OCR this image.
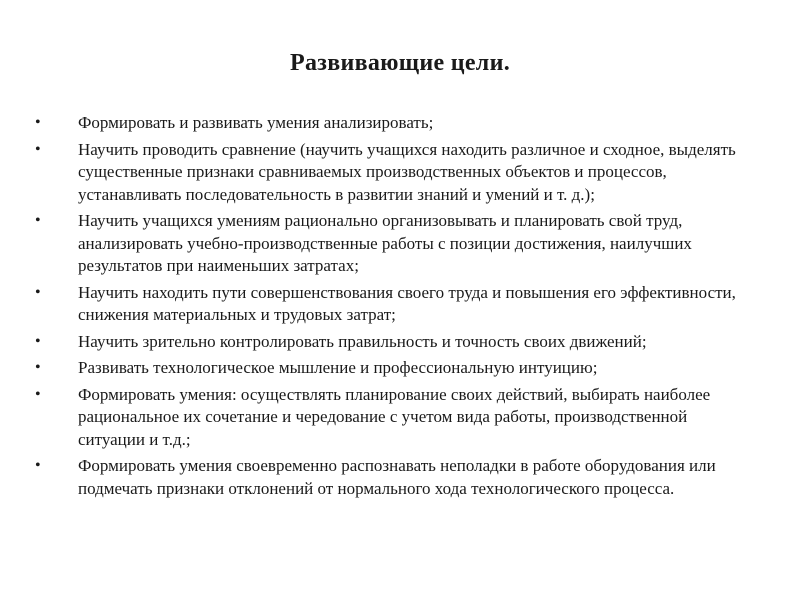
Развивающие цели.
• Формировать и развивать умения анализировать;
• Научить проводить сравнение (научить учащихся находить различное и сходное, выделять существенные признаки сравниваемых производственных объектов и процессов, устанавливать последовательность в развитии знаний и умений и т. д.);
• Научить учащихся умениям рационально организовывать и планировать свой труд, анализировать учебно-производственные работы с позиции достижения, наилучших результатов при наименьших затратах;
• Научить находить пути совершенствования своего труда и повышения его эффективности, снижения материальных и трудовых затрат;
• Научить зрительно контролировать правильность и точность своих движений;
• Развивать технологическое мышление и профессиональную интуицию;
• Формировать умения: осуществлять планирование своих действий, выбирать наиболее рациональное их сочетание и чередование с учетом вида работы, производственной ситуации и т.д.;
• Формировать умения своевременно распознавать неполадки в работе оборудования или подмечать признаки отклонений от нормального хода технологического процесса.
